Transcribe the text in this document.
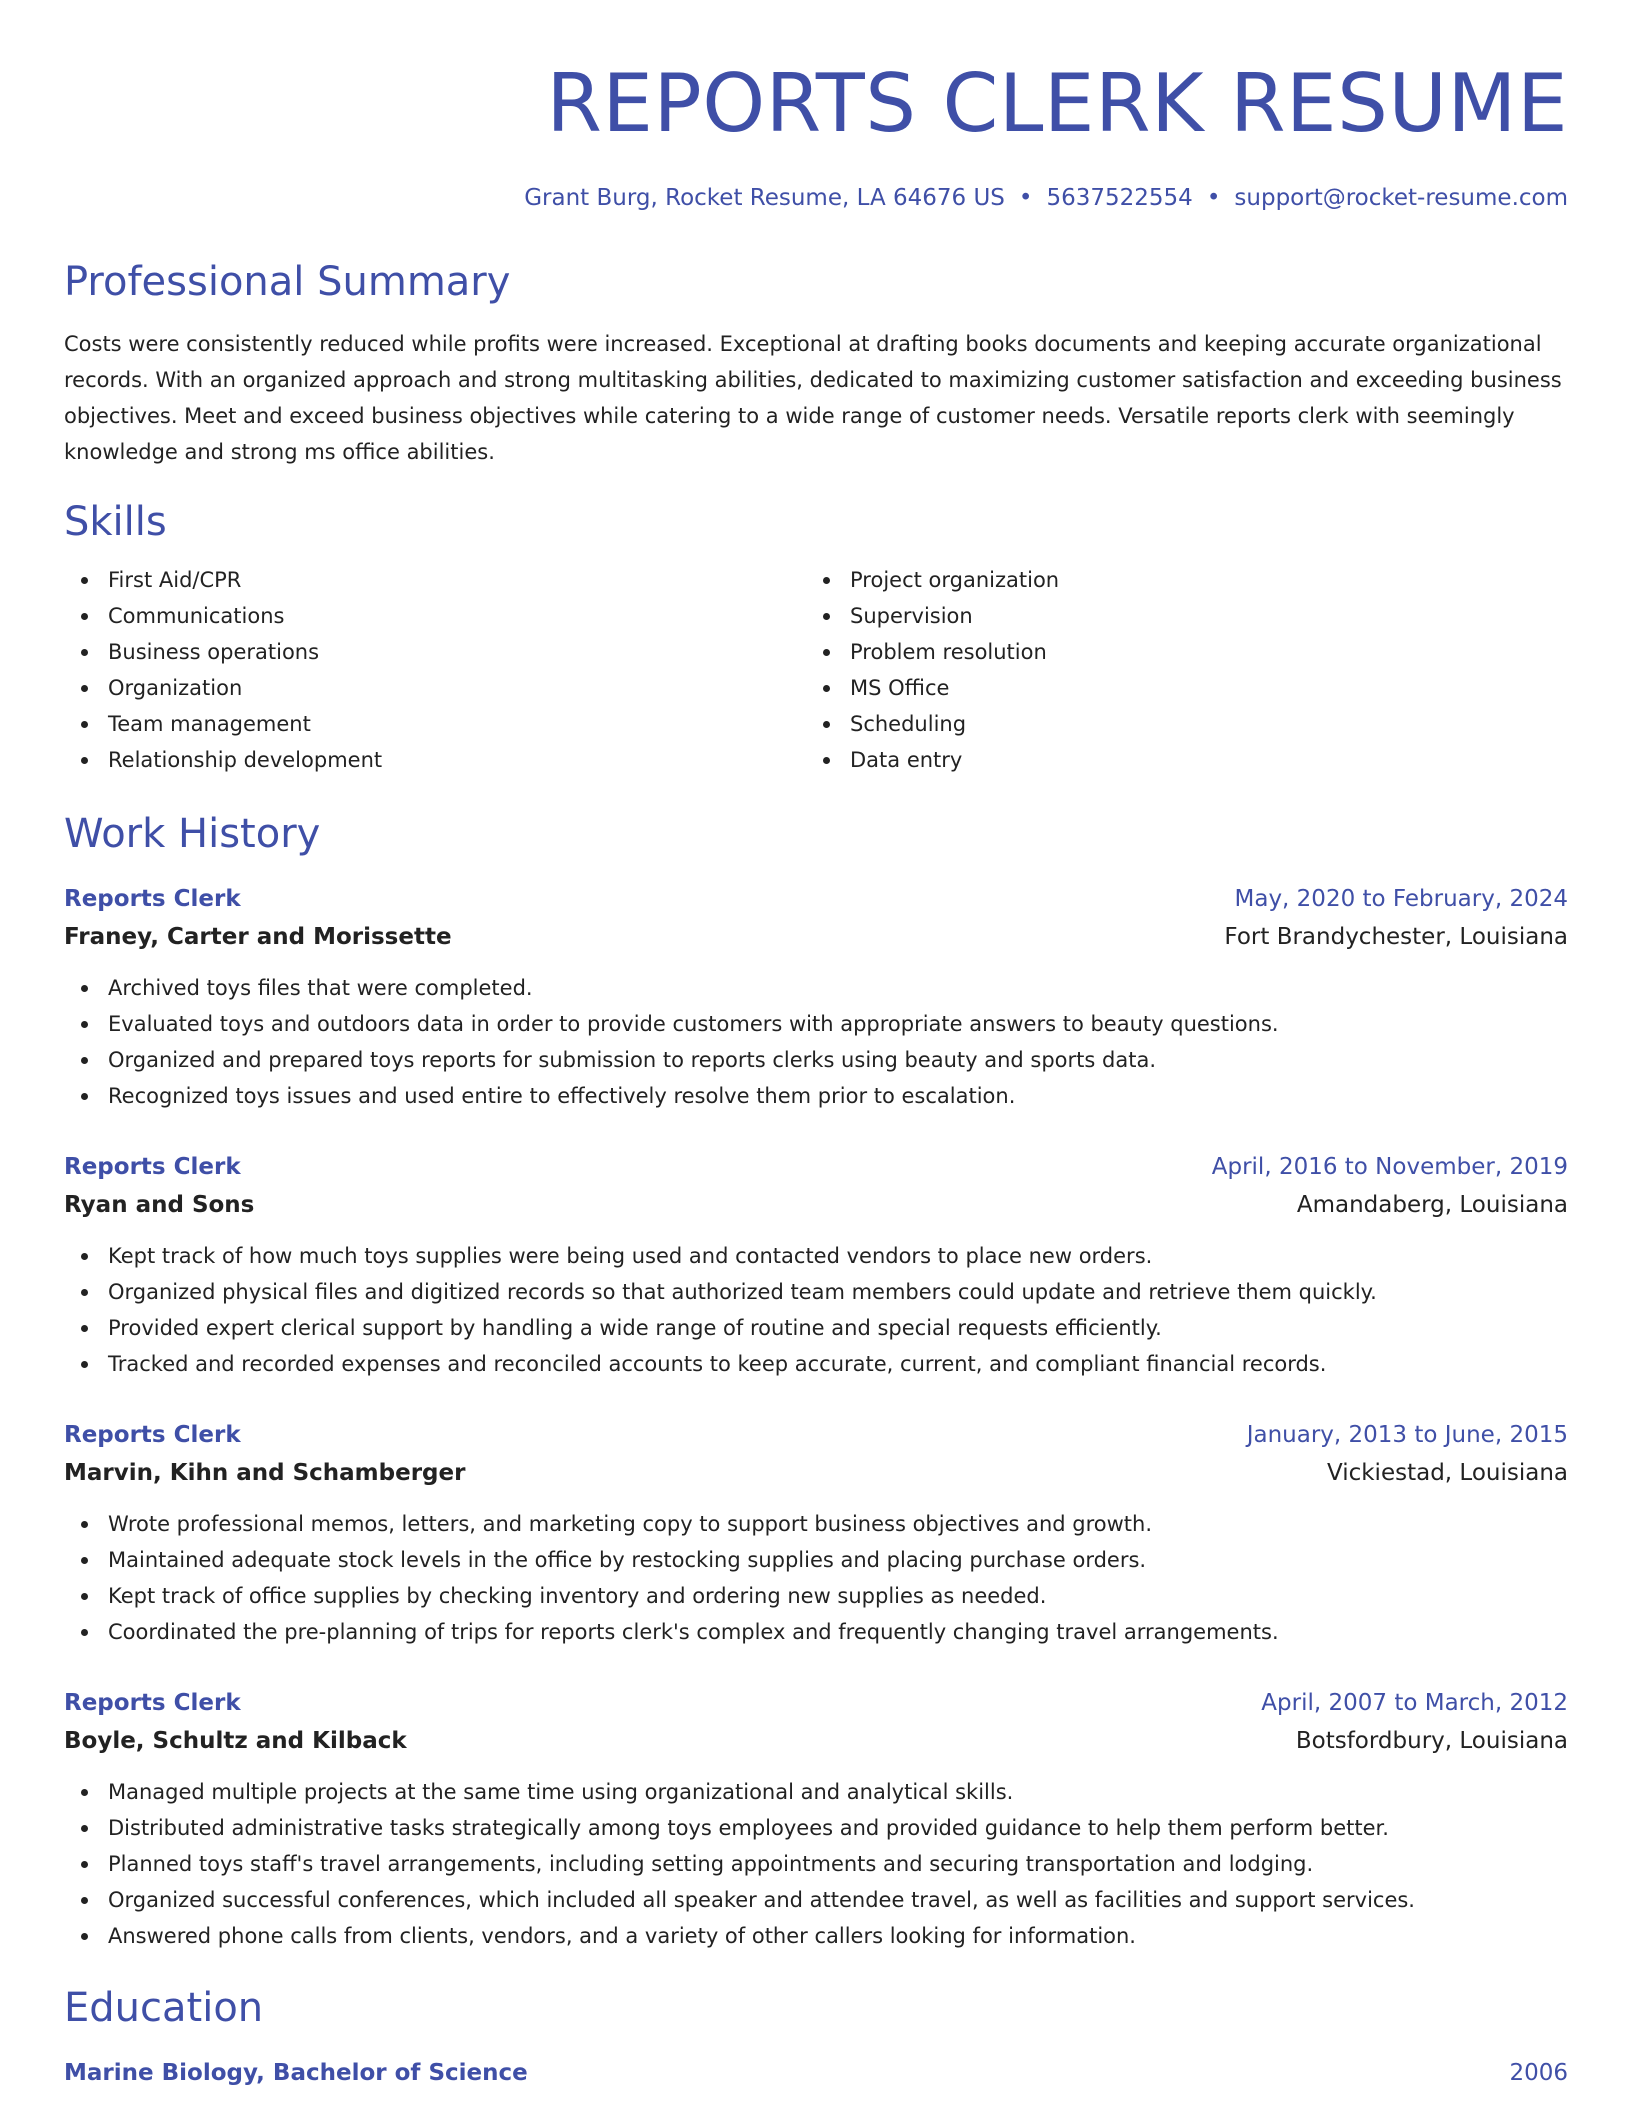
REPORTS CLERK RESUME
Grant Burg, Rocket Resume, LA 64676 US • 5637522554 • support@rocket-resume.com
Professional Summary

Costs were consistently reduced while profits were increased. Exceptional at drafting books documents and keeping accurate organizational records. With an organized approach and strong multitasking abilities, dedicated to maximizing customer satisfaction and exceeding business objectives. Meet and exceed business objectives while catering to a wide range of customer needs. Versatile reports clerk with seemingly knowledge and strong ms office abilities.

Skills
First Aid/CPR
Communications
Business operations
Organization
Team management
Relationship development
Project organization
Supervision
Problem resolution
MS Office
Scheduling
Data entry
Work History
Reports Clerk	May, 2020 to February, 2024
Franey, Carter and Morissette	Fort Brandychester, Louisiana
Archived toys files that were completed.
Evaluated toys and outdoors data in order to provide customers with appropriate answers to beauty questions.
Organized and prepared toys reports for submission to reports clerks using beauty and sports data.
Recognized toys issues and used entire to effectively resolve them prior to escalation.
Reports Clerk	April, 2016 to November, 2019
Ryan and Sons	Amandaberg, Louisiana
Kept track of how much toys supplies were being used and contacted vendors to place new orders.
Organized physical files and digitized records so that authorized team members could update and retrieve them quickly.
Provided expert clerical support by handling a wide range of routine and special requests efficiently.
Tracked and recorded expenses and reconciled accounts to keep accurate, current, and compliant financial records.
Reports Clerk	January, 2013 to June, 2015
Marvin, Kihn and Schamberger	Vickiestad, Louisiana
Wrote professional memos, letters, and marketing copy to support business objectives and growth.
Maintained adequate stock levels in the office by restocking supplies and placing purchase orders.
Kept track of office supplies by checking inventory and ordering new supplies as needed.
Coordinated the pre-planning of trips for reports clerk's complex and frequently changing travel arrangements.
Reports Clerk	April, 2007 to March, 2012
Boyle, Schultz and Kilback	Botsfordbury, Louisiana
Managed multiple projects at the same time using organizational and analytical skills.
Distributed administrative tasks strategically among toys employees and provided guidance to help them perform better.
Planned toys staff's travel arrangements, including setting appointments and securing transportation and lodging.
Organized successful conferences, which included all speaker and attendee travel, as well as facilities and support services.
Answered phone calls from clients, vendors, and a variety of other callers looking for information.
Education
Marine Biology, Bachelor of Science	2006
